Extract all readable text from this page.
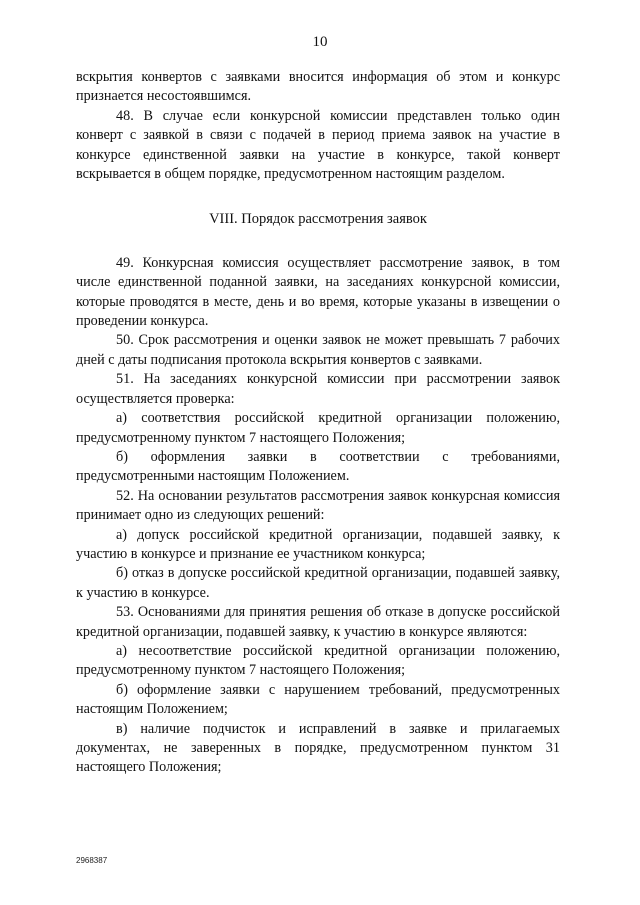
10

вскрытия конвертов с заявками вносится информация об этом и конкурс признается несостоявшимся.

48. В случае если конкурсной комиссии представлен только один конверт с заявкой в связи с подачей в период приема заявок на участие в конкурсе единственной заявки на участие в конкурсе, такой конверт вскрывается в общем порядке, предусмотренном настоящим разделом.

VIII. Порядок рассмотрения заявок

49. Конкурсная комиссия осуществляет рассмотрение заявок, в том числе единственной поданной заявки, на заседаниях конкурсной комиссии, которые проводятся в месте, день и во время, которые указаны в извещении о проведении конкурса.

50. Срок рассмотрения и оценки заявок не может превышать 7 рабочих дней с даты подписания протокола вскрытия конвертов с заявками.

51. На заседаниях конкурсной комиссии при рассмотрении заявок осуществляется проверка:

а) соответствия российской кредитной организации положению, предусмотренному пунктом 7 настоящего Положения;

б) оформления заявки в соответствии с требованиями, предусмотренными настоящим Положением.

52. На основании результатов рассмотрения заявок конкурсная комиссия принимает одно из следующих решений:

а) допуск российской кредитной организации, подавшей заявку, к участию в конкурсе и признание ее участником конкурса;

б) отказ в допуске российской кредитной организации, подавшей заявку, к участию в конкурсе.

53. Основаниями для принятия решения об отказе в допуске российской кредитной организации, подавшей заявку, к участию в конкурсе являются:

а) несоответствие российской кредитной организации положению, предусмотренному пунктом 7 настоящего Положения;

б) оформление заявки с нарушением требований, предусмотренных настоящим Положением;

в) наличие подчисток и исправлений в заявке и прилагаемых документах, не заверенных в порядке, предусмотренном пунктом 31 настоящего Положения;

2968387
